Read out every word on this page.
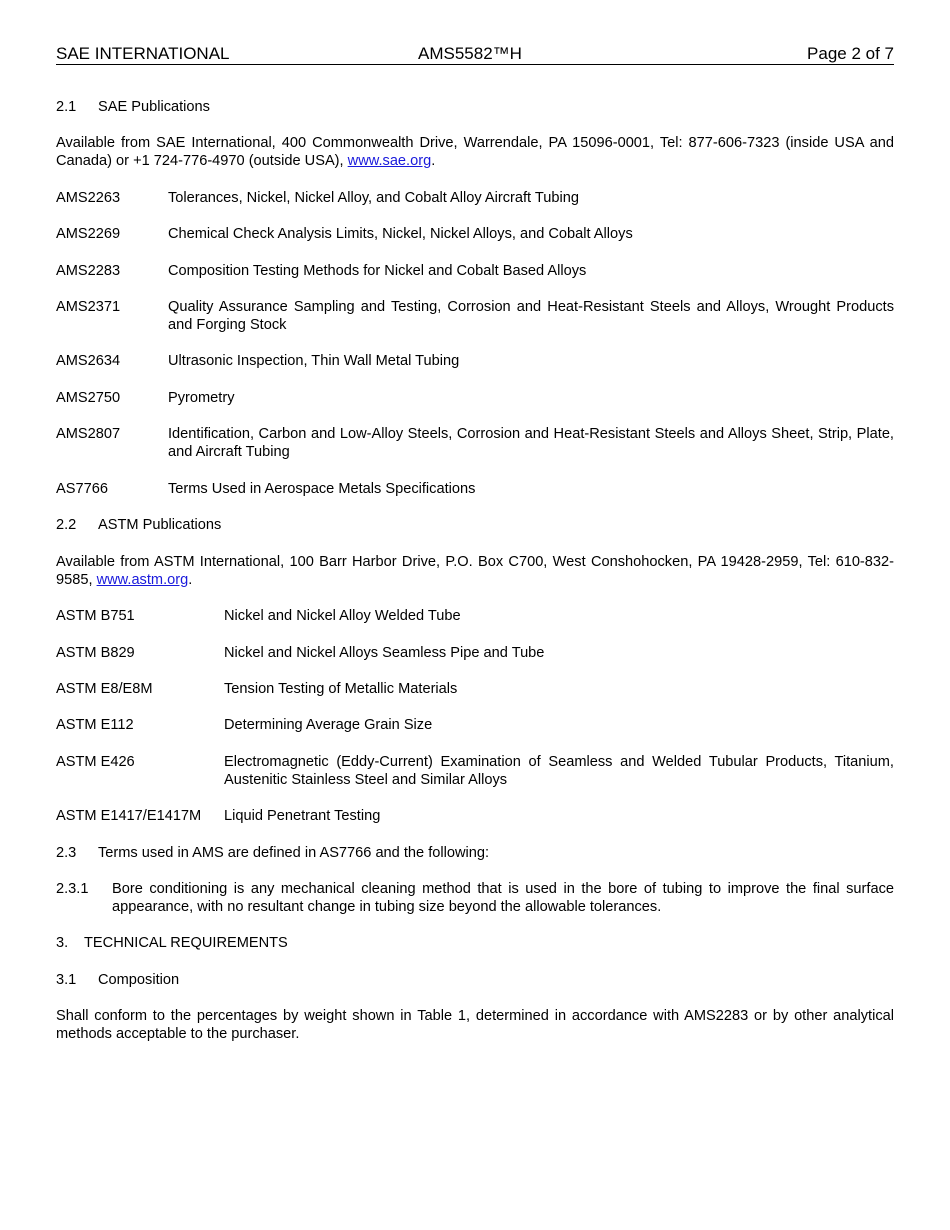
SAE INTERNATIONAL	AMS5582™H	Page 2 of 7
2.1 SAE Publications
Available from SAE International, 400 Commonwealth Drive, Warrendale, PA 15096-0001, Tel: 877-606-7323 (inside USA and Canada) or +1 724-776-4970 (outside USA), www.sae.org.
AMS2263	Tolerances, Nickel, Nickel Alloy, and Cobalt Alloy Aircraft Tubing
AMS2269	Chemical Check Analysis Limits, Nickel, Nickel Alloys, and Cobalt Alloys
AMS2283	Composition Testing Methods for Nickel and Cobalt Based Alloys
AMS2371	Quality Assurance Sampling and Testing, Corrosion and Heat-Resistant Steels and Alloys, Wrought Products and Forging Stock
AMS2634	Ultrasonic Inspection, Thin Wall Metal Tubing
AMS2750	Pyrometry
AMS2807	Identification, Carbon and Low-Alloy Steels, Corrosion and Heat-Resistant Steels and Alloys Sheet, Strip, Plate, and Aircraft Tubing
AS7766	Terms Used in Aerospace Metals Specifications
2.2 ASTM Publications
Available from ASTM International, 100 Barr Harbor Drive, P.O. Box C700, West Conshohocken, PA 19428-2959, Tel: 610-832-9585, www.astm.org.
ASTM B751	Nickel and Nickel Alloy Welded Tube
ASTM B829	Nickel and Nickel Alloys Seamless Pipe and Tube
ASTM E8/E8M	Tension Testing of Metallic Materials
ASTM E112	Determining Average Grain Size
ASTM E426	Electromagnetic (Eddy-Current) Examination of Seamless and Welded Tubular Products, Titanium, Austenitic Stainless Steel and Similar Alloys
ASTM E1417/E1417M Liquid Penetrant Testing
2.3 Terms used in AMS are defined in AS7766 and the following:
2.3.1 Bore conditioning is any mechanical cleaning method that is used in the bore of tubing to improve the final surface appearance, with no resultant change in tubing size beyond the allowable tolerances.
3. TECHNICAL REQUIREMENTS
3.1 Composition
Shall conform to the percentages by weight shown in Table 1, determined in accordance with AMS2283 or by other analytical methods acceptable to the purchaser.
